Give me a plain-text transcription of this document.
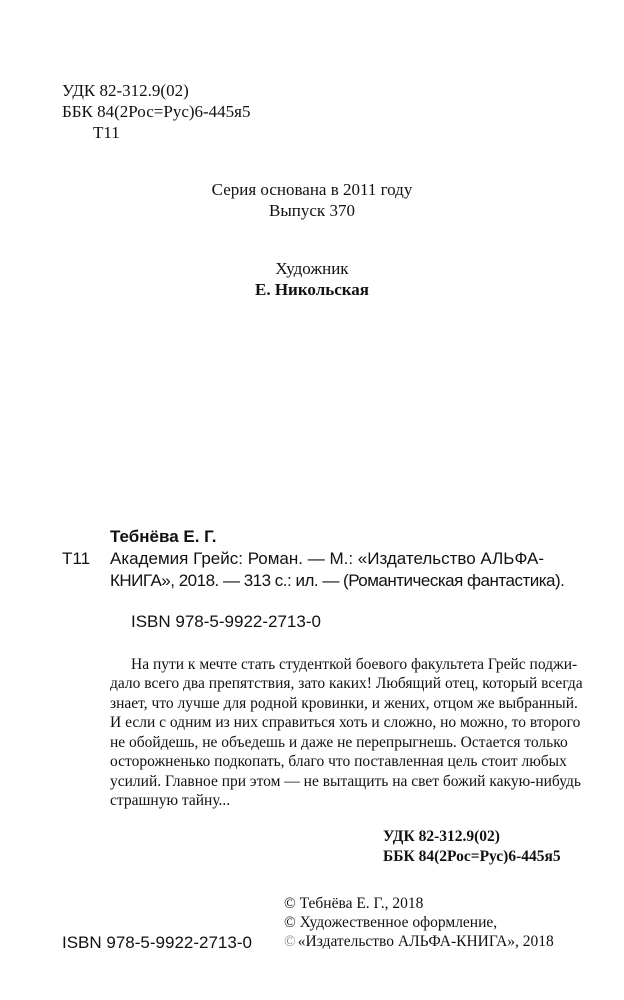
УДК 82-312.9(02)
ББК 84(2Рос=Рус)6-445я5
Т11
Серия основана в 2011 году
Выпуск 370
Художник
Е. Никольская
Тебнёва Е. Г.
Т11 Академия Грейс: Роман. — М.: «Издательство АЛЬФА-
КНИГА», 2018. — 313 с.: ил. — (Романтическая фантастика).
ISBN 978-5-9922-2713-0
На пути к мечте стать студенткой боевого факультета Грейс поджи-
дало всего два препятствия, зато каких! Любящий отец, который всегда
знает, что лучше для родной кровинки, и жених, отцом же выбранный.
И если с одним из них справиться хоть и сложно, но можно, то второго
не обойдешь, не объедешь и даже не перепрыгнешь. Остается только
осторожненько подкопать, благо что поставленная цель стоит любых
усилий. Главное при этом — не вытащить на свет божий какую-нибудь
страшную тайну...
УДК 82-312.9(02)
ББК 84(2Рос=Рус)6-445я5
© Тебнёва Е. Г., 2018
© Художественное оформление,
© «Издательство АЛЬФА-КНИГА», 2018
ISBN 978-5-9922-2713-0
